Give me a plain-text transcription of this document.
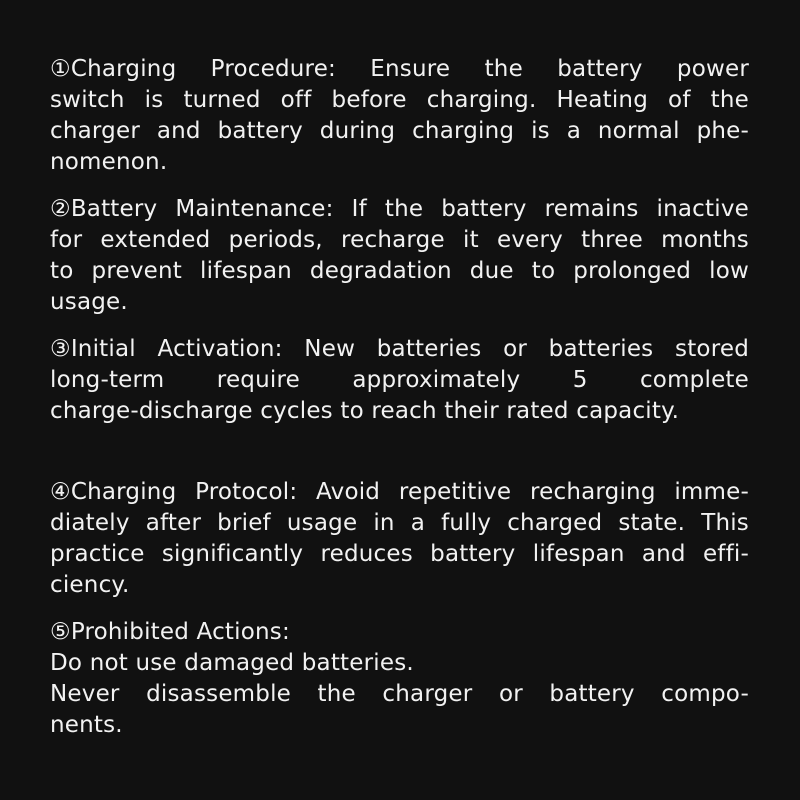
①Charging Procedure: Ensure the battery power
switch is turned off before charging. Heating of the
charger and battery during charging is a normal phe-
nomenon.
②Battery Maintenance: If the battery remains inactive
for extended periods, recharge it every three months
to prevent lifespan degradation due to prolonged low
usage.
③Initial Activation: New batteries or batteries stored
long-term require approximately 5 complete
charge-discharge cycles to reach their rated capacity.
④Charging Protocol: Avoid repetitive recharging imme-
diately after brief usage in a fully charged state. This
practice significantly reduces battery lifespan and effi-
ciency.
⑤Prohibited Actions:
Do not use damaged batteries.
Never disassemble the charger or battery compo-
nents.
